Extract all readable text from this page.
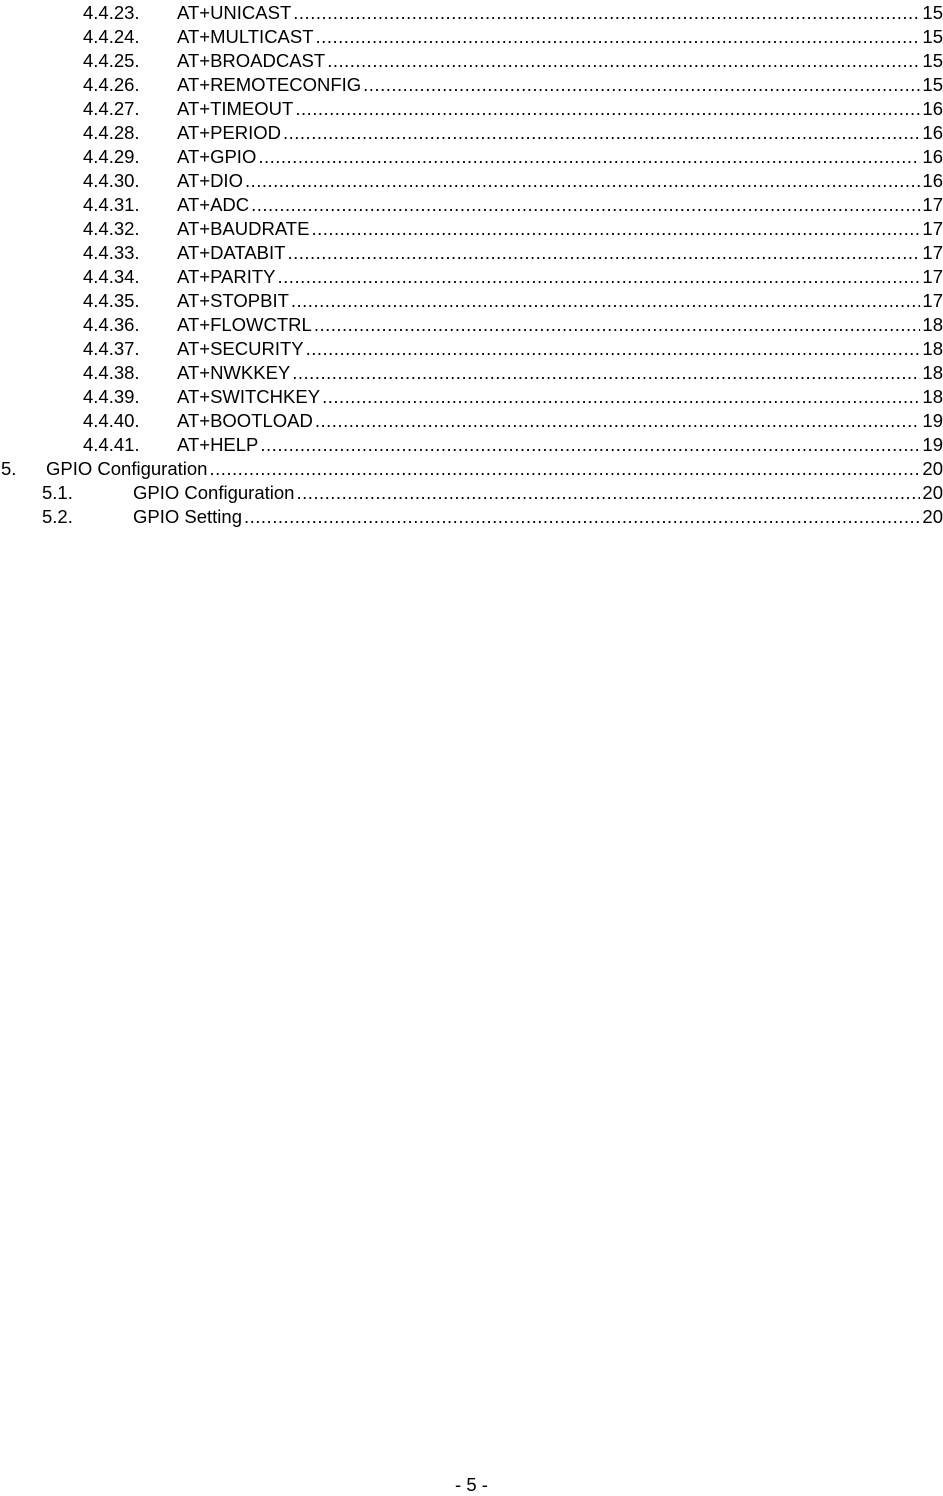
4.4.23. AT+UNICAST .....	15
4.4.24. AT+MULTICAST .....	15
4.4.25. AT+BROADCAST .....	15
4.4.26. AT+REMOTECONFIG .....	15
4.4.27. AT+TIMEOUT .....	16
4.4.28. AT+PERIOD .....	16
4.4.29. AT+GPIO .....	16
4.4.30. AT+DIO .....	16
4.4.31. AT+ADC .....	17
4.4.32. AT+BAUDRATE .....	17
4.4.33. AT+DATABIT .....	17
4.4.34. AT+PARITY .....	17
4.4.35. AT+STOPBIT .....	17
4.4.36. AT+FLOWCTRL .....	18
4.4.37. AT+SECURITY .....	18
4.4.38. AT+NWKKEY .....	18
4.4.39. AT+SWITCHKEY .....	18
4.4.40. AT+BOOTLOAD .....	19
4.4.41. AT+HELP .....	19
5. GPIO Configuration .....	20
5.1.	GPIO Configuration .....	20
5.2.	GPIO Setting .....	20
- 5 -
